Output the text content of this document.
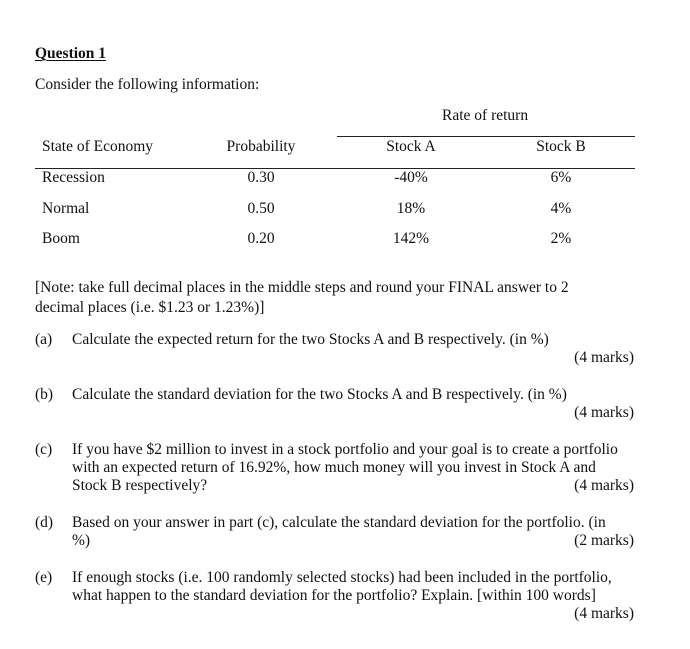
Question 1
Consider the following information:
Rate of return
State of Economy	Probability	Stock A	Stock B
Recession	0.30	-40%	6%
Normal	0.50	18%	4%
Boom	0.20	142%	2%
[Note: take full decimal places in the middle steps and round your FINAL answer to 2
decimal places (i.e. $1.23 or 1.23%)]
(a) Calculate the expected return for the two Stocks A and B respectively. (in %)
(4 marks)
(b) Calculate the standard deviation for the two Stocks A and B respectively. (in %)
(4 marks)
(c) If you have $2 million to invest in a stock portfolio and your goal is to create a portfolio
with an expected return of 16.92%, how much money will you invest in Stock A and
Stock B respectively?	(4 marks)
(d) Based on your answer in part (c), calculate the standard deviation for the portfolio. (in
%)	(2 marks)
(e) If enough stocks (i.e. 100 randomly selected stocks) had been included in the portfolio,
what happen to the standard deviation for the portfolio? Explain. [within 100 words]
(4 marks)
